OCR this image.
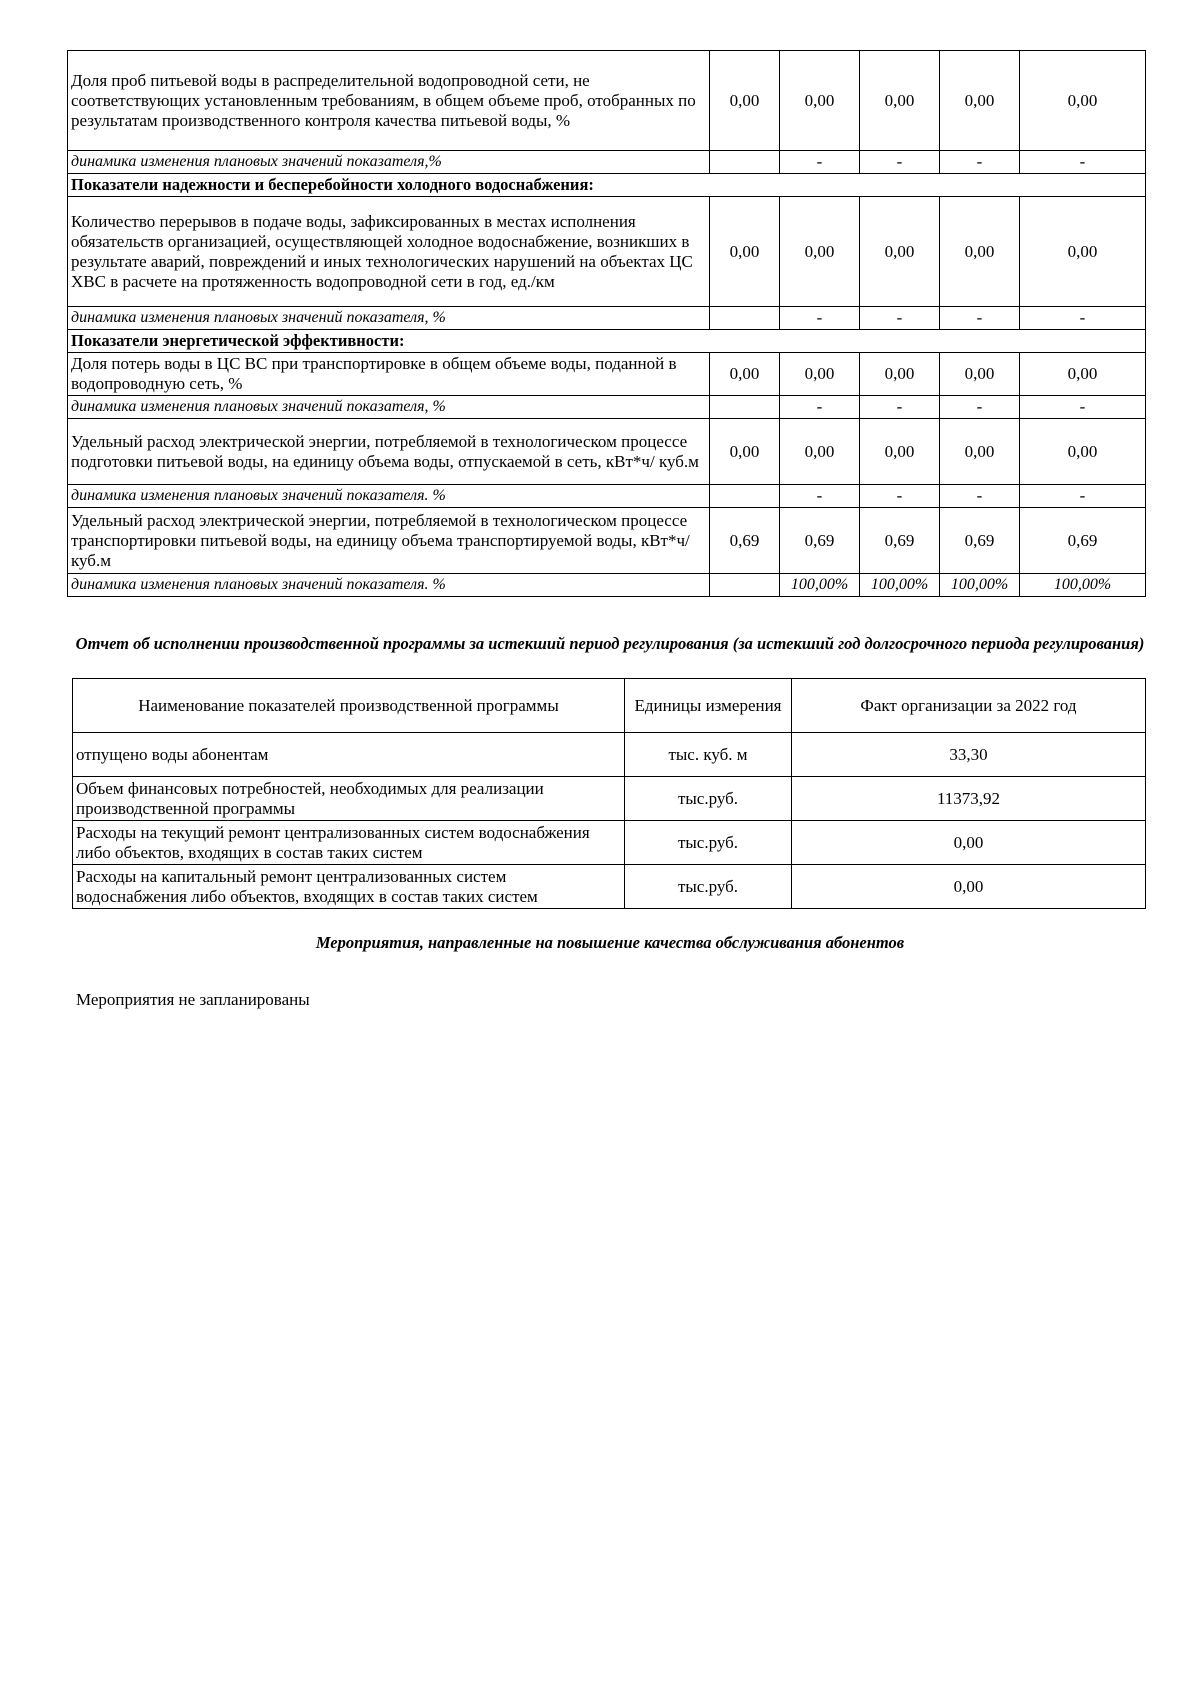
Доля проб питьевой воды в распределительной водопроводной сети, не соответствующих установленным требованиям, в общем объеме проб, отобранных по результатам производственного контроля качества питьевой воды, %	0,00	0,00	0,00	0,00	0,00
динамика изменения плановых значений показателя,%		-	-	-	-
Показатели надежности и бесперебойности холодного водоснабжения:					
Количество перерывов в подаче воды, зафиксированных в местах исполнения обязательств организацией, осуществляющей холодное водоснабжение, возникших в результате аварий, повреждений и иных технологических нарушений на объектах ЦС ХВС в расчете на протяженность водопроводной сети в год, ед./км	0,00	0,00	0,00	0,00	0,00
динамика изменения плановых значений показателя, %		-	-	-	-
Показатели энергетической эффективности:					
Доля потерь воды в ЦС ВС при транспортировке в общем объеме воды, поданной в водопроводную сеть, %	0,00	0,00	0,00	0,00	0,00
динамика изменения плановых значений показателя, %		-	-	-	-
Удельный расход электрической энергии, потребляемой в технологическом процессе подготовки питьевой воды, на единицу объема воды, отпускаемой в сеть, кВт*ч/ куб.м	0,00	0,00	0,00	0,00	0,00
динамика изменения плановых значений показателя. %		-	-	-	-
Удельный расход электрической энергии, потребляемой в технологическом процессе транспортировки питьевой воды, на единицу объема транспортируемой воды, кВт*ч/ куб.м	0,69	0,69	0,69	0,69	0,69
динамика изменения плановых значений показателя. %		100,00%	100,00%	100,00%	100,00%
Отчет об исполнении производственной программы за истекший период регулирования (за истекший год долгосрочного периода регулирования)
Наименование показателей производственной программы	Единицы измерения	Факт организации за 2022 год
отпущено воды абонентам	тыс. куб. м	33,30
Объем финансовых потребностей, необходимых для реализации производственной программы	тыс.руб.	11373,92
Расходы на текущий ремонт централизованных систем водоснабжения либо объектов, входящих в состав таких систем	тыс.руб.	0,00
Расходы на капитальный ремонт централизованных систем водоснабжения либо объектов, входящих в состав таких систем	тыс.руб.	0,00
Мероприятия, направленные на повышение качества обслуживания абонентов
Мероприятия не запланированы
